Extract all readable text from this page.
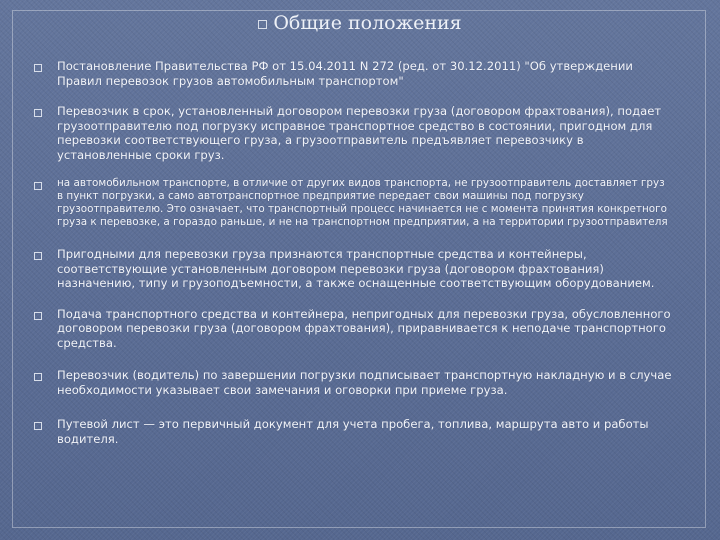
Общие положения
Постановление Правительства РФ от 15.04.2011 N 272 (ред. от 30.12.2011) "Об утверждении Правил перевозок грузов автомобильным транспортом"
Перевозчик в срок, установленный договором перевозки груза (договором фрахтования), подает грузоотправителю под погрузку исправное транспортное средство в состоянии, пригодном для перевозки соответствующего груза, а грузоотправитель предъявляет перевозчику в установленные сроки груз.
на автомобильном транспорте, в отличие от других видов транспорта, не грузоотправитель доставляет груз в пункт погрузки, а само автотранспортное предприятие передает свои машины под погрузку грузоотправителю. Это означает, что транспортный процесс начинается не с момента принятия конкретного груза к перевозке, а гораздо раньше, и не на транспортном предприятии, а на территории грузоотправителя
Пригодными для перевозки груза признаются транспортные средства и контейнеры, соответствующие установленным договором перевозки груза (договором фрахтования) назначению, типу и грузоподъемности, а также оснащенные соответствующим оборудованием.
Подача транспортного средства и контейнера, непригодных для перевозки груза, обусловленного договором перевозки груза (договором фрахтования), приравнивается к неподаче транспортного средства.
Перевозчик (водитель) по завершении погрузки подписывает транспортную накладную и в случае необходимости указывает свои замечания и оговорки при приеме груза.
Путевой лист — это первичный документ для учета пробега, топлива, маршрута авто и работы водителя.
